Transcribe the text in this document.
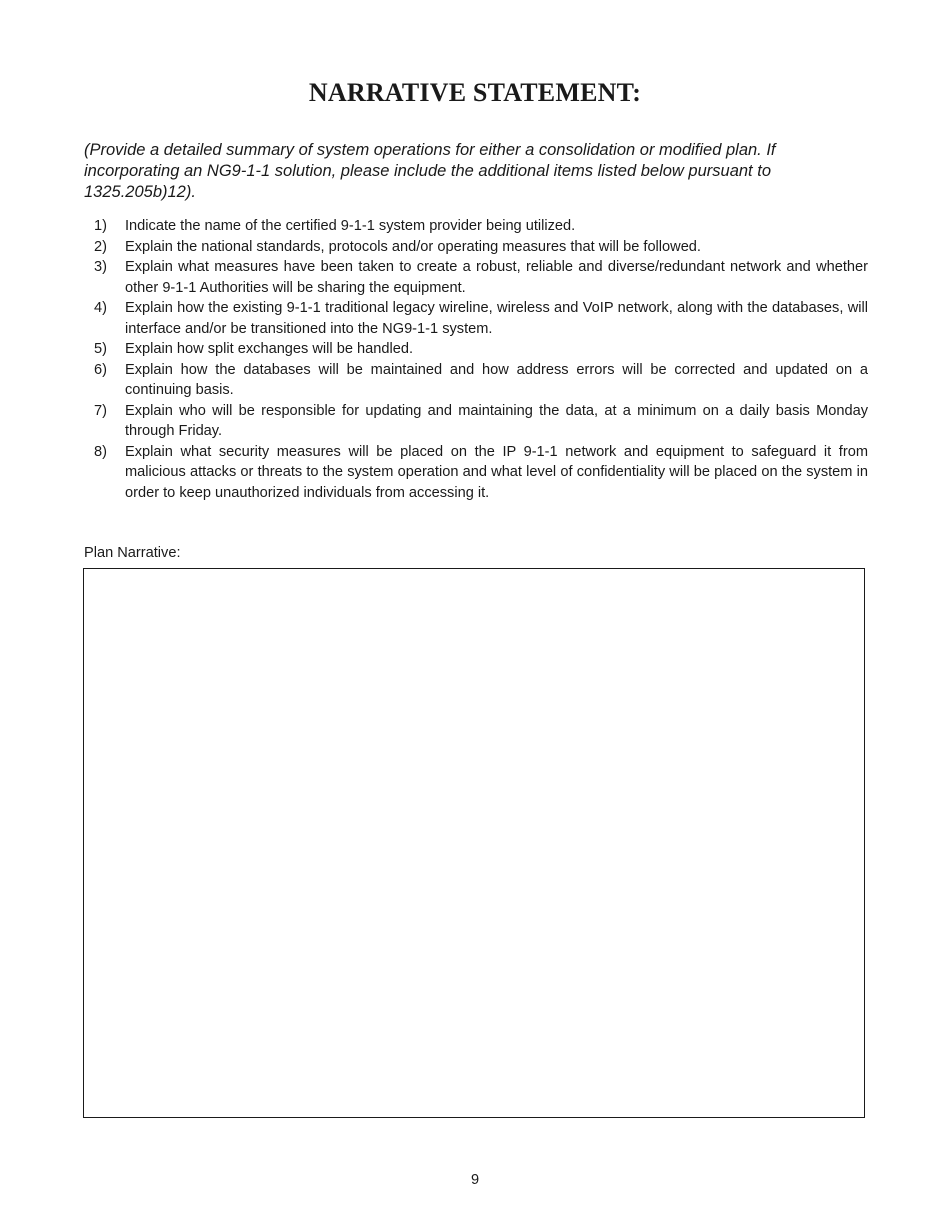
NARRATIVE STATEMENT:

(Provide a detailed summary of system operations for either a consolidation or modified plan. If incorporating an NG9-1-1 solution, please include the additional items listed below pursuant to 1325.205b)12).

1)	Indicate the name of the certified 9-1-1 system provider being utilized.
2)	Explain the national standards, protocols and/or operating measures that will be followed.
3)	Explain what measures have been taken to create a robust, reliable and diverse/redundant network and whether other 9-1-1 Authorities will be sharing the equipment.
4)	Explain how the existing 9-1-1 traditional legacy wireline, wireless and VoIP network, along with the databases, will interface and/or be transitioned into the NG9-1-1 system.
5)	Explain how split exchanges will be handled.
6)	Explain how the databases will be maintained and how address errors will be corrected and updated on a continuing basis.
7)	Explain who will be responsible for updating and maintaining the data, at a minimum on a daily basis Monday through Friday.
8)	Explain what security measures will be placed on the IP 9-1-1 network and equipment to safeguard it from malicious attacks or threats to the system operation and what level of confidentiality will be placed on the system in order to keep unauthorized individuals from accessing it.
Plan Narrative:
9
